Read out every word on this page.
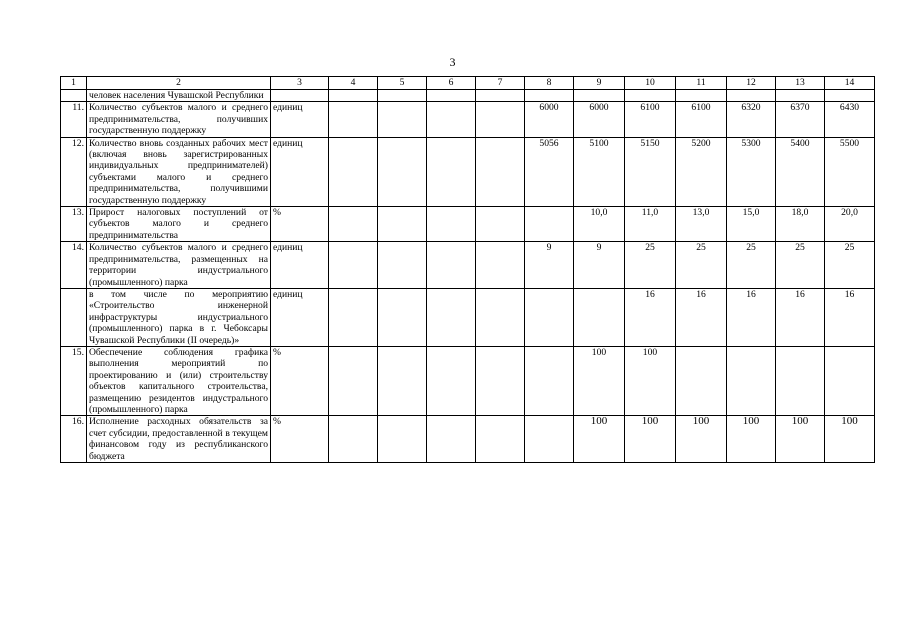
3
1	2	3	4	5	6	7	8	9	10	11	12	13	14
	человек населения Чувашской Республики												
11.	Количество субъектов малого и среднего предпринимательства, получивших государственную поддержку	единиц					6000	6000	6100	6100	6320	6370	6430
12.	Количество вновь созданных рабочих мест (включая вновь зарегистрированных индивидуальных предпринимателей) субъектами малого и среднего предпринимательства, получившими государственную поддержку	единиц					5056	5100	5150	5200	5300	5400	5500
13.	Прирост налоговых поступлений от субъектов малого и среднего предпринимательства	%						10,0	11,0	13,0	15,0	18,0	20,0
14.	Количество субъектов малого и среднего предпринимательства, размещенных на территории индустриального (промышленного) парка	единиц					9	9	25	25	25	25	25
	в том числе по мероприятию «Строительство инженерной инфраструктуры индустриального (промышленного) парка в г. Чебоксары Чувашской Республики (II очередь)»	единиц							16	16	16	16	16
15.	Обеспечение соблюдения графика выполнения мероприятий по проектированию и (или) строительству объектов капитального строительства, размещению резидентов индустрального (промышленного) парка	%						100	100				
16.	Исполнение расходных обязательств за счет субсидии, предоставленной в текущем финансовом году из республиканского бюджета	%						100	100	100	100	100	100
